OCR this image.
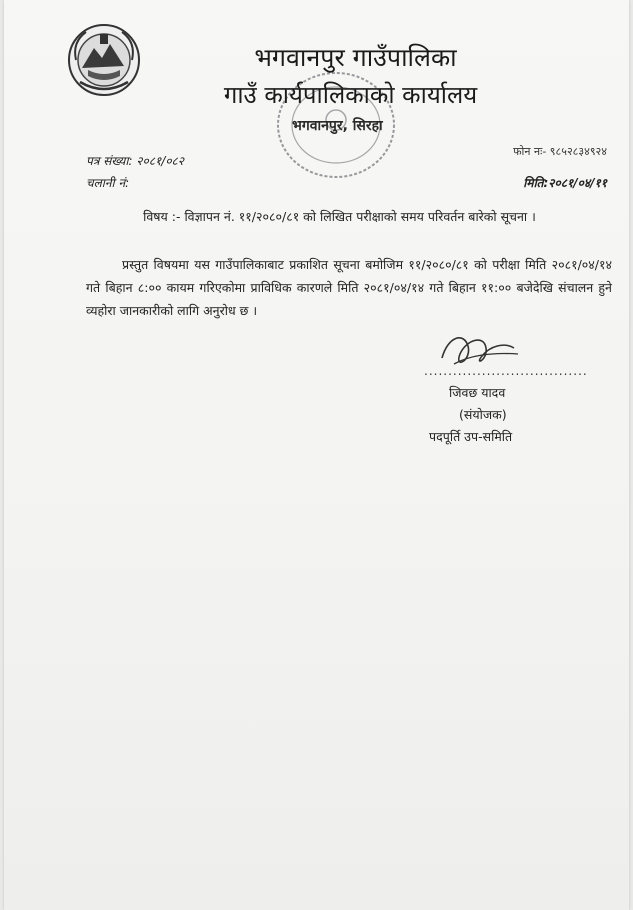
भगवानपुर गाउँपालिका
गाउँ कार्यपालिकाको कार्यालय
भगवानपुर, सिरहा
फोन नः- ९८५२८३४९२४
पत्र संख्या: २०८१/०८२
चलानी नं:	मिति:२०८१/०४/११
विषय :- विज्ञापन नं. ११/२०८०/८१ को लिखित परीक्षाको समय परिवर्तन बारेको सूचना ।
प्रस्तुत विषयमा यस गाउँपालिकाबाट प्रकाशित सूचना बमोजिम ११/२०८०/८१ को परीक्षा मिति २०८१/०४/१४ गते बिहान ८:०० कायम गरिएकोमा प्राविधिक कारणले मिति २०८१/०४/१४ गते बिहान ११:०० बजेदेखि संचालन हुने व्यहोरा जानकारीको लागि अनुरोध छ ।
..................................
जिवछ यादव
(संयोजक)
पदपूर्ति उप-समिति
